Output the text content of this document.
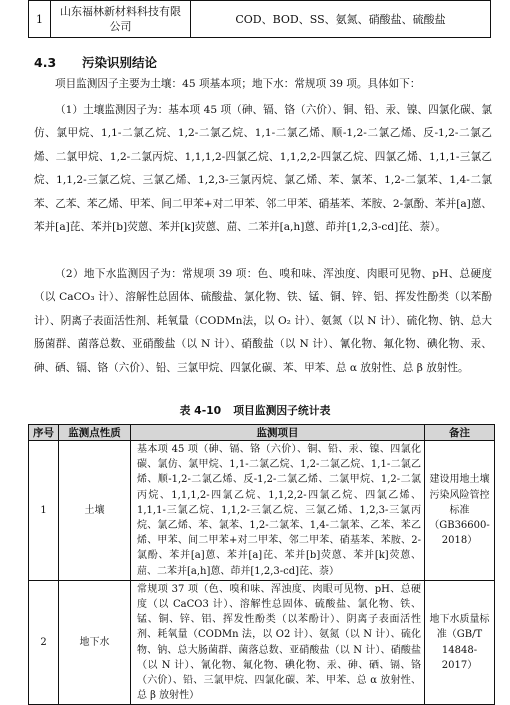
1	山东福林新材料科技有限公司	COD、BOD、SS、氨氮、硝酸盐、硫酸盐
4.3 污染识别结论

项目监测因子主要为土壤：45 项基本项；地下水：常规项 39 项。具体如下：

（1）土壤监测因子为：基本项 45 项（砷、镉、铬（六价）、铜、铅、汞、镍、四氯化碳、氯仿、氯甲烷、1,1-二氯乙烷、1,2-二氯乙烷、1,1-二氯乙烯、顺-1,2-二氯乙烯、反-1,2-二氯乙烯、二氯甲烷、1,2-二氯丙烷、1,1,1,2-四氯乙烷、1,1,2,2-四氯乙烷、四氯乙烯、1,1,1-三氯乙烷、1,1,2-三氯乙烷、三氯乙烯、1,2,3-三氯丙烷、氯乙烯、苯、氯苯、1,2-二氯苯、1,4-二氯苯、乙苯、苯乙烯、甲苯、间二甲苯+对二甲苯、邻二甲苯、硝基苯、苯胺、2-氯酚、苯并[a]蒽、苯并[a]芘、苯并[b]荧蒽、苯并[k]荧蒽、䓛、二苯并[a,h]蒽、茚并[1,2,3-cd]芘、萘）。

（2）地下水监测因子为：常规项 39 项：色、嗅和味、浑浊度、肉眼可见物、pH、总硬度（以 CaCO₃ 计）、溶解性总固体、硫酸盐、氯化物、铁、锰、铜、锌、铝、挥发性酚类（以苯酚计）、阴离子表面活性剂、耗氧量（CODMn法，以 O₂ 计）、氨氮（以 N 计）、硫化物、钠、总大肠菌群、菌落总数、亚硝酸盐（以 N 计）、硝酸盐（以 N 计）、氰化物、氟化物、碘化物、汞、砷、硒、镉、铬（六价）、铅、三氯甲烷、四氯化碳、苯、甲苯、总 α 放射性、总 β 放射性。

表 4-10 项目监测因子统计表

序号	监测点性质	监测项目	备注
1	土壤	基本项 45 项（砷、镉、铬（六价）、铜、铅、汞、镍、四氯化碳、氯仿、氯甲烷、1,1-二氯乙烷、1,2-二氯乙烷、1,1-二氯乙烯、顺-1,2-二氯乙烯、反-1,2-二氯乙烯、二氯甲烷、1,2-二氯丙烷、1,1,1,2-四氯乙烷、1,1,2,2-四氯乙烷、四氯乙烯、1,1,1-三氯乙烷、1,1,2-三氯乙烷、三氯乙烯、1,2,3-三氯丙烷、氯乙烯、苯、氯苯、1,2-二氯苯、1,4-二氯苯、乙苯、苯乙烯、甲苯、间二甲苯+对二甲苯、邻二甲苯、硝基苯、苯胺、2-氯酚、苯并[a]蒽、苯并[a]芘、苯并[b]荧蒽、苯并[k]荧蒽、䓛、二苯并[a,h]蒽、茚并[1,2,3-cd]芘、萘）	建设用地土壤污染风险管控标准（GB36600-2018）
2	地下水	常规项 37 项（色、嗅和味、浑浊度、肉眼可见物、pH、总硬度（以 CaCO3 计）、溶解性总固体、硫酸盐、氯化物、铁、锰、铜、锌、铝、挥发性酚类（以苯酚计）、阴离子表面活性剂、耗氧量（CODMn 法，以 O2 计）、氨氮（以 N 计）、硫化物、钠、总大肠菌群、菌落总数、亚硝酸盐（以 N 计）、硝酸盐（以 N 计）、氰化物、氟化物、碘化物、汞、砷、硒、镉、铬（六价）、铅、三氯甲烷、四氯化碳、苯、甲苯、总 α 放射性、总 β 放射性）	地下水质量标准（GB/T 14848-2017）
